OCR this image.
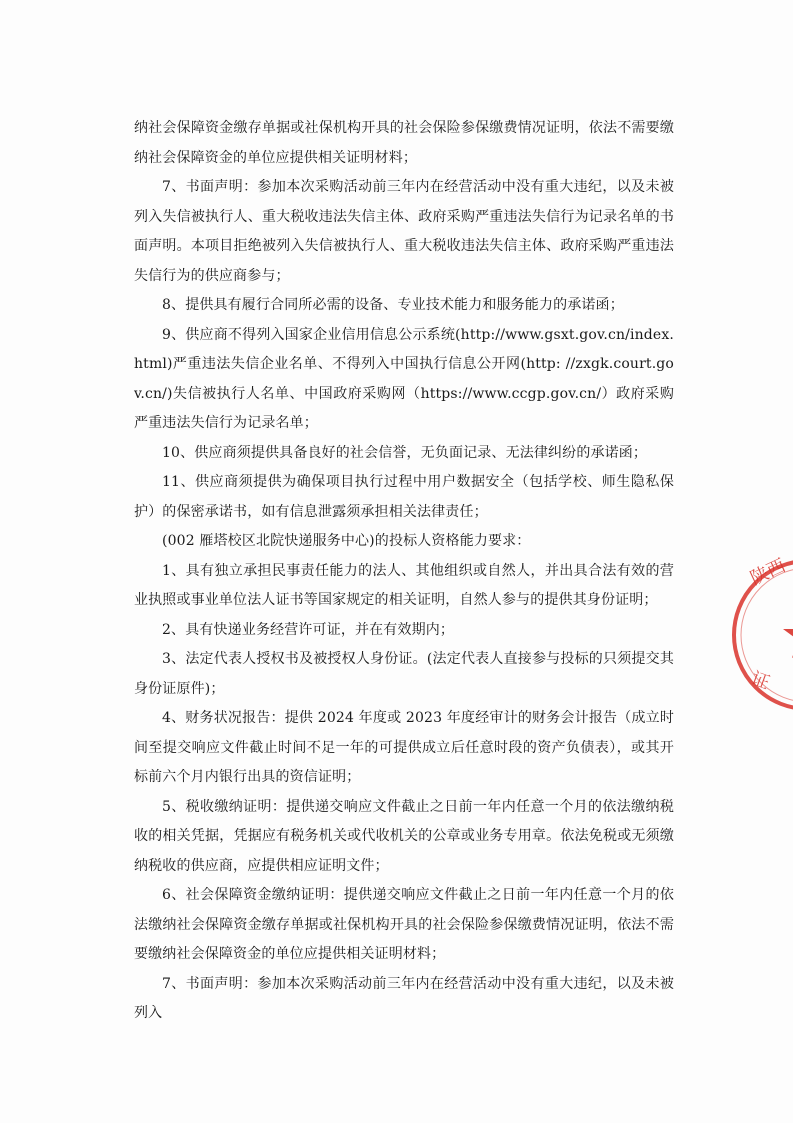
纳社会保障资金缴存单据或社保机构开具的社会保险参保缴费情况证明，依法不需要缴纳社会保障资金的单位应提供相关证明材料；

7、书面声明：参加本次采购活动前三年内在经营活动中没有重大违纪，以及未被列入失信被执行人、重大税收违法失信主体、政府采购严重违法失信行为记录名单的书面声明。本项目拒绝被列入失信被执行人、重大税收违法失信主体、政府采购严重违法失信行为的供应商参与；

8、提供具有履行合同所必需的设备、专业技术能力和服务能力的承诺函；

9、供应商不得列入国家企业信用信息公示系统(http://www.gsxt.gov.cn/index.html)严重违法失信企业名单、不得列入中国执行信息公开网(http: //zxgk.court.gov.cn/)失信被执行人名单、中国政府采购网（https://www.ccgp.gov.cn/）政府采购严重违法失信行为记录名单；

10、供应商须提供具备良好的社会信誉，无负面记录、无法律纠纷的承诺函；

11、供应商须提供为确保项目执行过程中用户数据安全（包括学校、师生隐私保护）的保密承诺书，如有信息泄露须承担相关法律责任；

(002 雁塔校区北院快递服务中心)的投标人资格能力要求：

1、具有独立承担民事责任能力的法人、其他组织或自然人，并出具合法有效的营业执照或事业单位法人证书等国家规定的相关证明，自然人参与的提供其身份证明；

2、具有快递业务经营许可证，并在有效期内；

3、法定代表人授权书及被授权人身份证。(法定代表人直接参与投标的只须提交其身份证原件)；

4、财务状况报告：提供 2024 年度或 2023 年度经审计的财务会计报告（成立时间至提交响应文件截止时间不足一年的可提供成立后任意时段的资产负债表），或其开标前六个月内银行出具的资信证明；

5、税收缴纳证明：提供递交响应文件截止之日前一年内任意一个月的依法缴纳税收的相关凭据，凭据应有税务机关或代收机关的公章或业务专用章。依法免税或无须缴纳税收的供应商，应提供相应证明文件；

6、社会保障资金缴纳证明：提供递交响应文件截止之日前一年内任意一个月的依法缴纳社会保障资金缴存单据或社保机构开具的社会保险参保缴费情况证明，依法不需要缴纳社会保障资金的单位应提供相关证明材料；

7、书面声明：参加本次采购活动前三年内在经营活动中没有重大违纪，以及未被列入

陕西
证
